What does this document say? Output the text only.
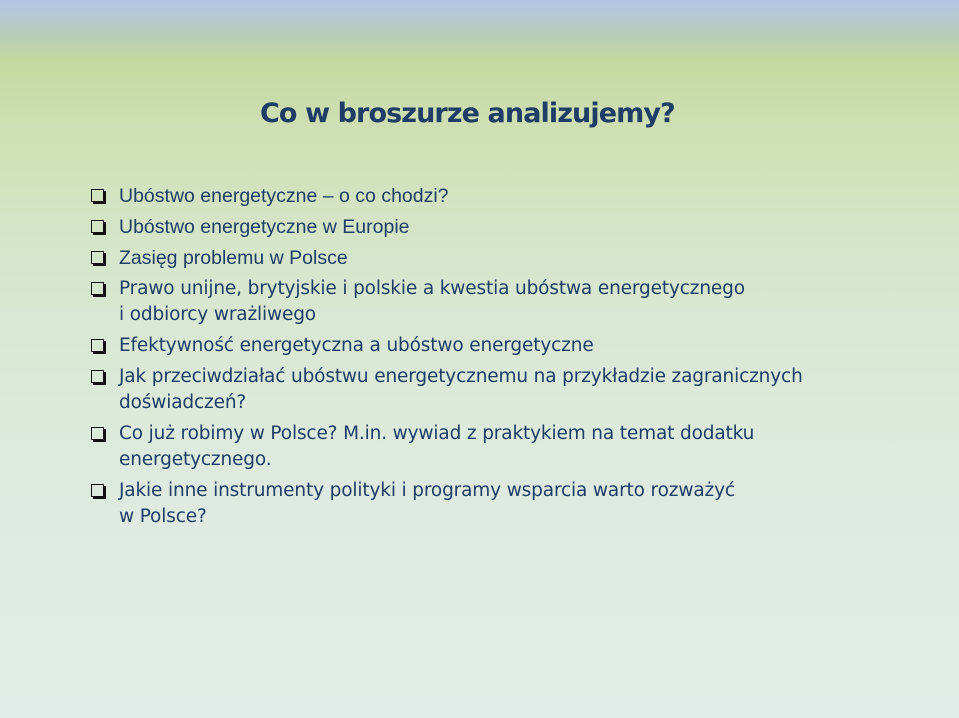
Co w broszurze analizujemy?
Ubóstwo energetyczne – o co chodzi?
Ubóstwo energetyczne w Europie
Zasięg problemu w Polsce
Prawo unijne, brytyjskie i polskie a kwestia ubóstwa energetycznego
i odbiorcy wrażliwego
Efektywność energetyczna a ubóstwo energetyczne
Jak przeciwdziałać ubóstwu energetycznemu na przykładzie zagranicznych
doświadczeń?
Co już robimy w Polsce? M.in. wywiad z praktykiem na temat dodatku
energetycznego.
Jakie inne instrumenty polityki i programy wsparcia warto rozważyć
w Polsce?
